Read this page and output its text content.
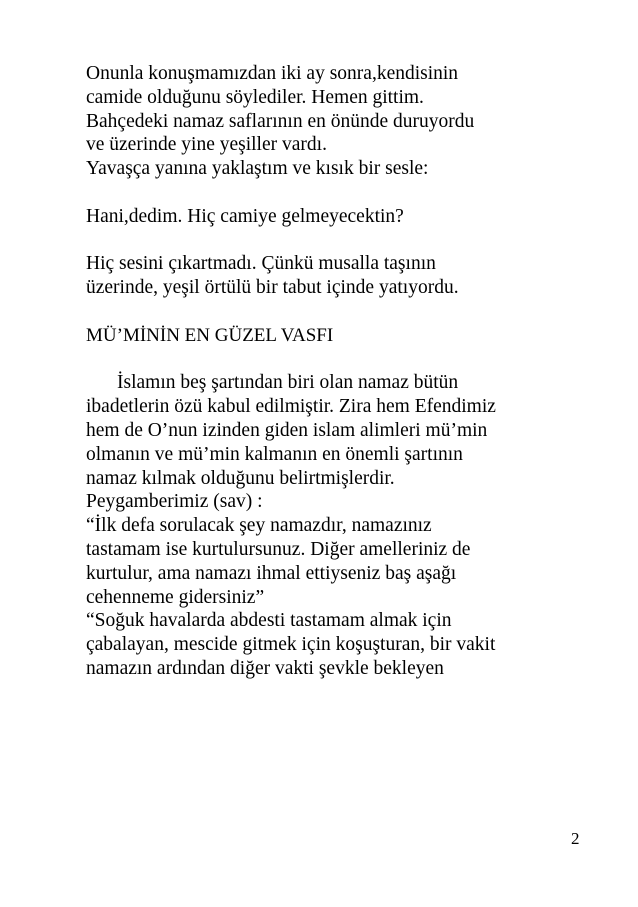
Onunla konuşmamızdan iki ay sonra,kendisinin
camide olduğunu söylediler. Hemen gittim.
Bahçedeki namaz saflarının en önünde duruyordu
ve üzerinde yine yeşiller vardı.
Yavaşça yanına yaklaştım ve kısık bir sesle:
Hani,dedim. Hiç camiye gelmeyecektin?
Hiç sesini çıkartmadı. Çünkü musalla taşının
üzerinde, yeşil örtülü bir tabut içinde yatıyordu.
MÜ’MİNİN EN GÜZEL VASFI
İslamın beş şartından biri olan namaz bütün
ibadetlerin özü kabul edilmiştir. Zira hem Efendimiz
hem de O’nun izinden giden islam alimleri mü’min
olmanın ve mü’min kalmanın en önemli şartının
namaz kılmak olduğunu belirtmişlerdir.
Peygamberimiz (sav) :
“İlk defa sorulacak şey namazdır, namazınız
tastamam ise kurtulursunuz. Diğer amelleriniz de
kurtulur, ama namazı ihmal ettiyseniz baş aşağı
cehenneme gidersiniz”
“Soğuk havalarda abdesti tastamam almak için
çabalayan, mescide gitmek için koşuşturan, bir vakit
namazın ardından diğer vakti şevkle bekleyen
2
